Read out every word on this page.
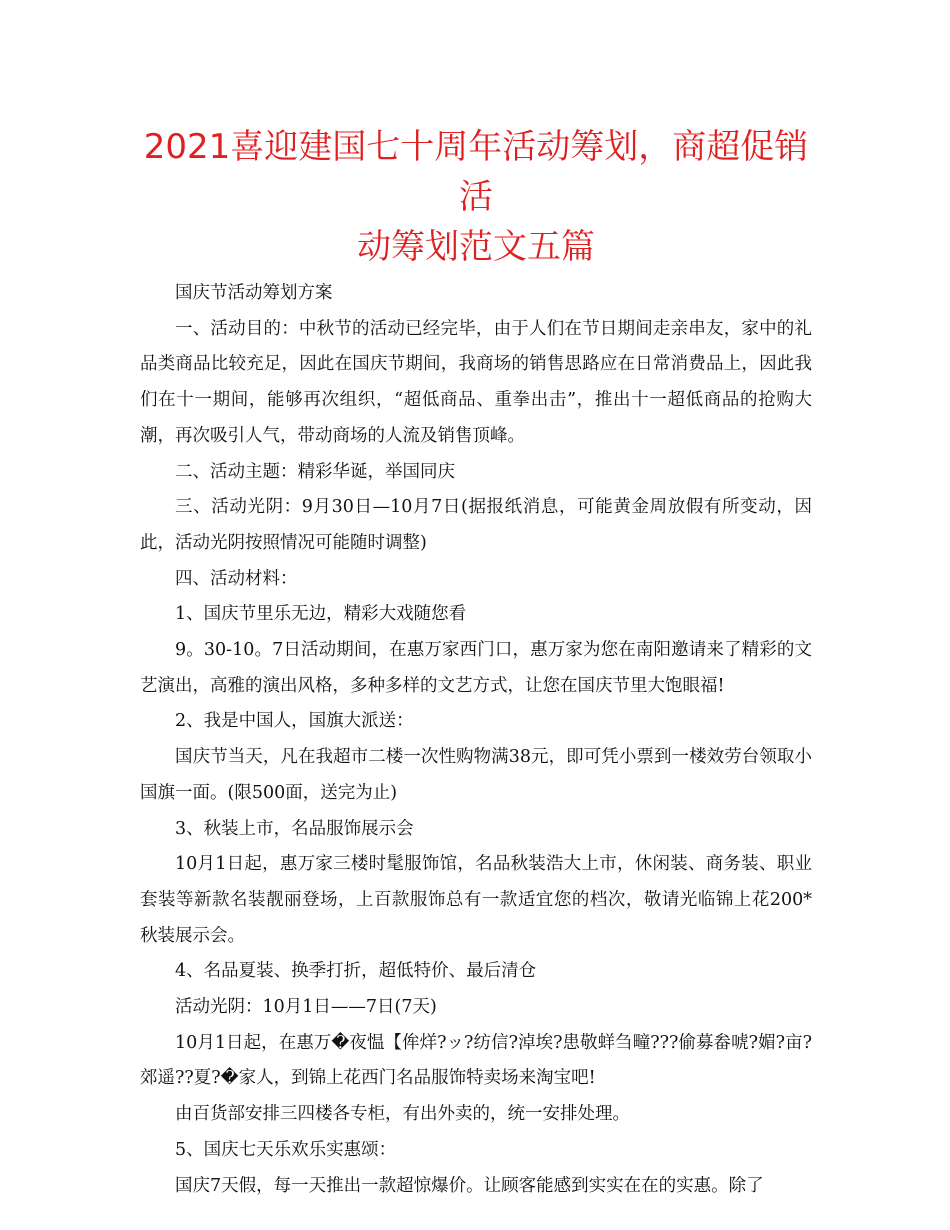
2021喜迎建国七十周年活动筹划，商超促销活
动筹划范文五篇

国庆节活动筹划方案

一、活动目的：中秋节的活动已经完毕，由于人们在节日期间走亲串友，家中的礼品类商品比较充足，因此在国庆节期间，我商场的销售思路应在日常消费品上，因此我们在十一期间，能够再次组织，“超低商品、重拳出击”，推出十一超低商品的抢购大潮，再次吸引人气，带动商场的人流及销售顶峰。

二、活动主题：精彩华诞，举国同庆

三、活动光阴：9月30日—10月7日(据报纸消息，可能黄金周放假有所变动，因此，活动光阴按照情况可能随时调整)

四、活动材料：

1、国庆节里乐无边，精彩大戏随您看

9。30-10。7日活动期间，在惠万家西门口，惠万家为您在南阳邀请来了精彩的文艺演出，高雅的演出风格，多种多样的文艺方式，让您在国庆节里大饱眼福!

2、我是中国人，国旗大派送：

国庆节当天，凡在我超市二楼一次性购物满38元，即可凭小票到一楼效劳台领取小国旗一面。(限500面，送完为止)

3、秋装上市，名品服饰展示会

10月1日起，惠万家三楼时髦服饰馆，名品秋装浩大上市，休闲装、商务装、职业套装等新款名装靓丽登场，上百款服饰总有一款适宜您的档次，敬请光临锦上花200*秋装展示会。

4、名品夏装、换季打折，超低特价、最后清仓

活动光阴：10月1日——7日(7天)

10月1日起，在惠万�夜愠【侔烊?ッ?纺信?淖埃?患敬蛘刍疃???偷募畚唬?媚?亩?郊遥??夏?�家人，到锦上花西门名品服饰特卖场来淘宝吧!

由百货部安排三四楼各专柜，有出外卖的，统一安排处理。

5、国庆七天乐欢乐实惠颂：

国庆7天假，每一天推出一款超惊爆价。让顾客能感到实实在在的实惠。除了
